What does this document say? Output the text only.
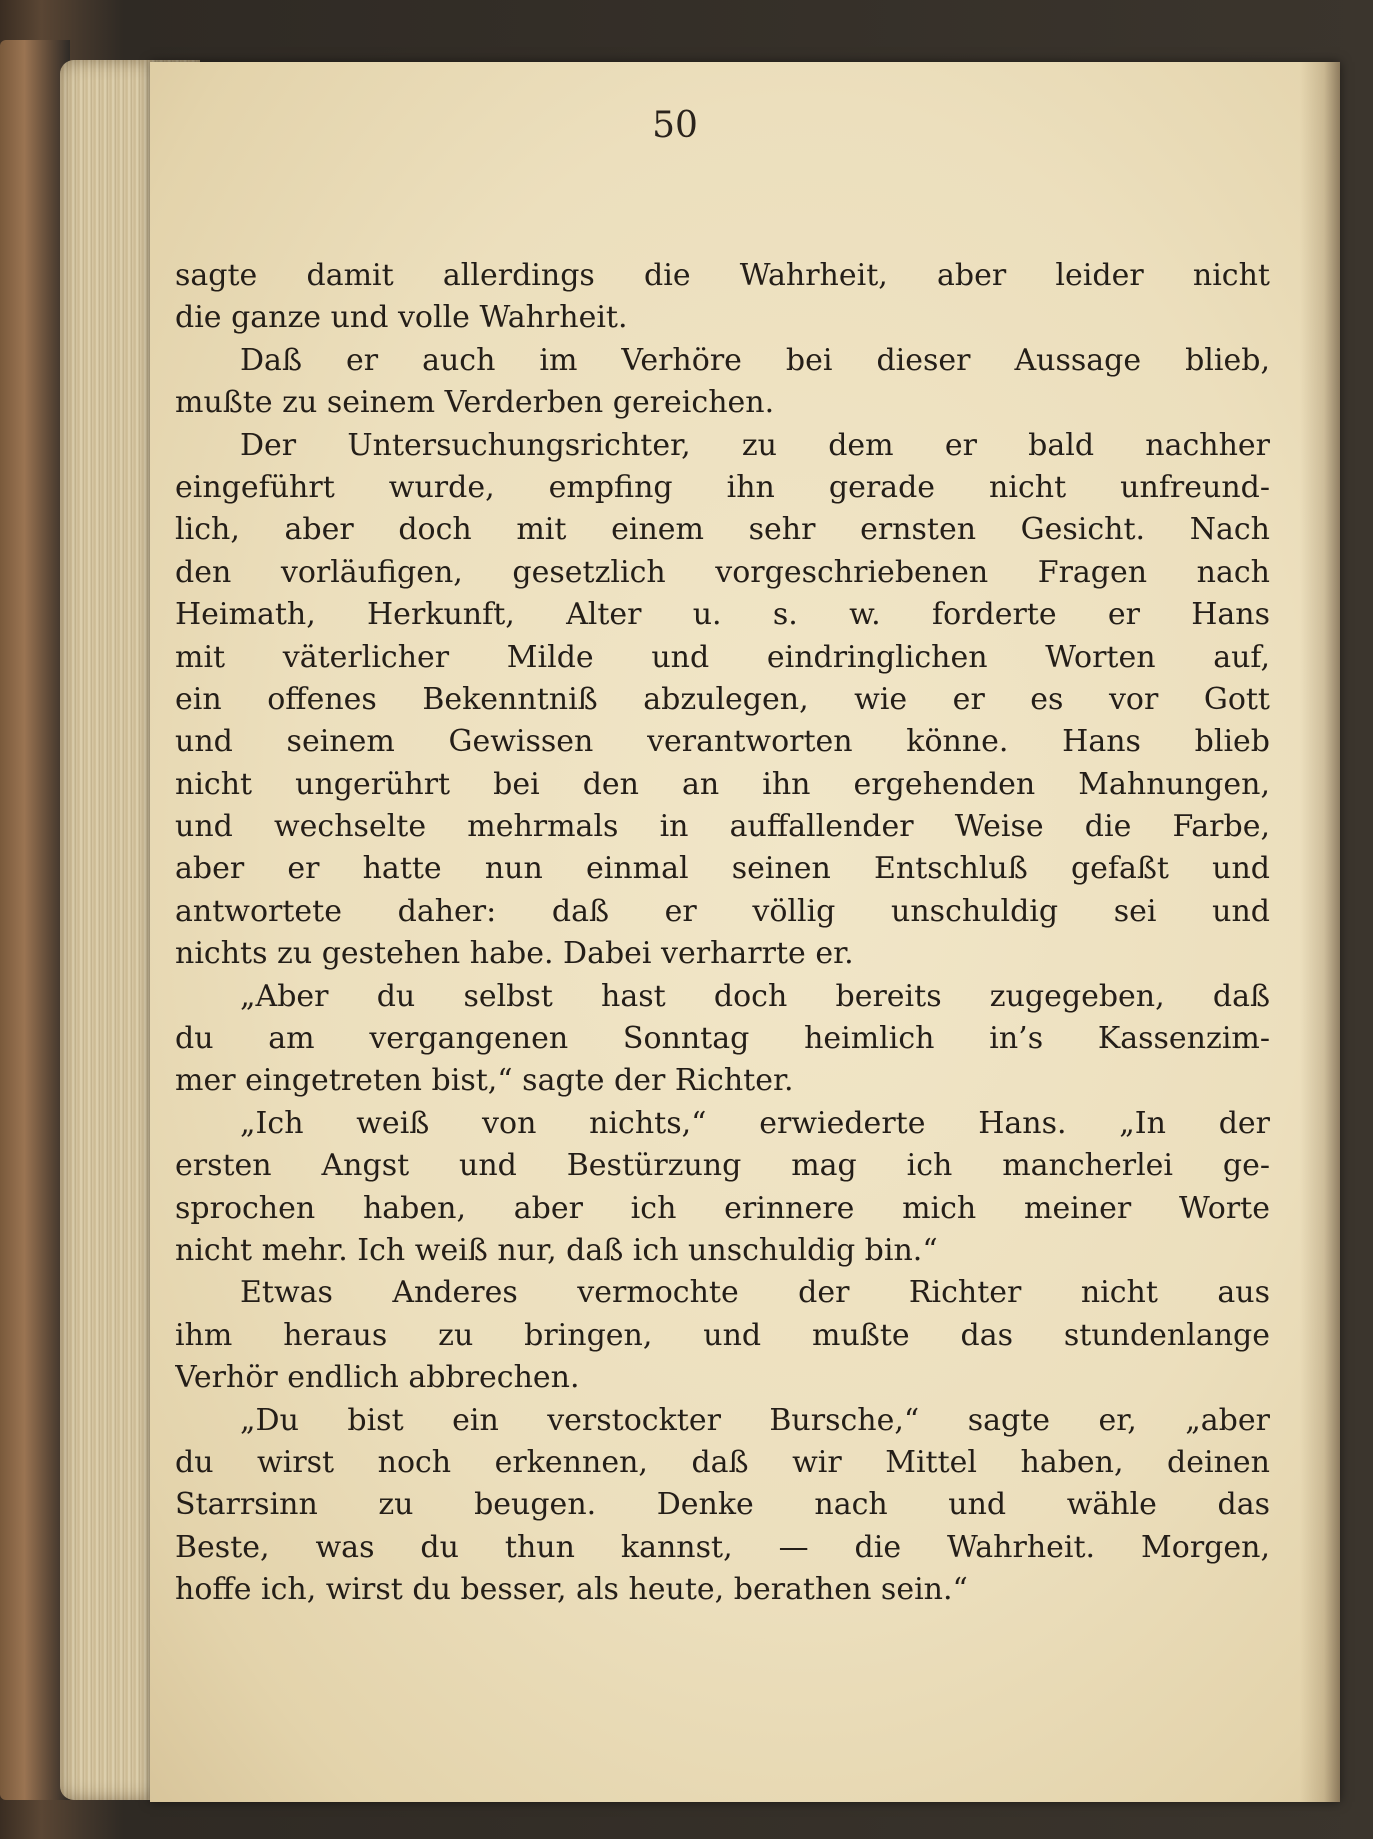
50
sagte damit allerdings die Wahrheit, aber leider nicht
die ganze und volle Wahrheit.
Daß er auch im Verhöre bei dieser Aussage blieb,
mußte zu seinem Verderben gereichen.
Der Untersuchungsrichter, zu dem er bald nachher
eingeführt wurde, empfing ihn gerade nicht unfreund-
lich, aber doch mit einem sehr ernsten Gesicht. Nach
den vorläufigen, gesetzlich vorgeschriebenen Fragen nach
Heimath, Herkunft, Alter u. s. w. forderte er Hans
mit väterlicher Milde und eindringlichen Worten auf,
ein offenes Bekenntniß abzulegen, wie er es vor Gott
und seinem Gewissen verantworten könne. Hans blieb
nicht ungerührt bei den an ihn ergehenden Mahnungen,
und wechselte mehrmals in auffallender Weise die Farbe,
aber er hatte nun einmal seinen Entschluß gefaßt und
antwortete daher: daß er völlig unschuldig sei und
nichts zu gestehen habe. Dabei verharrte er.
„Aber du selbst hast doch bereits zugegeben, daß
du am vergangenen Sonntag heimlich in’s Kassenzim-
mer eingetreten bist,“ sagte der Richter.
„Ich weiß von nichts,“ erwiederte Hans. „In der
ersten Angst und Bestürzung mag ich mancherlei ge-
sprochen haben, aber ich erinnere mich meiner Worte
nicht mehr. Ich weiß nur, daß ich unschuldig bin.“
Etwas Anderes vermochte der Richter nicht aus
ihm heraus zu bringen, und mußte das stundenlange
Verhör endlich abbrechen.
„Du bist ein verstockter Bursche,“ sagte er, „aber
du wirst noch erkennen, daß wir Mittel haben, deinen
Starrsinn zu beugen. Denke nach und wähle das
Beste, was du thun kannst, — die Wahrheit. Morgen,
hoffe ich, wirst du besser, als heute, berathen sein.“
